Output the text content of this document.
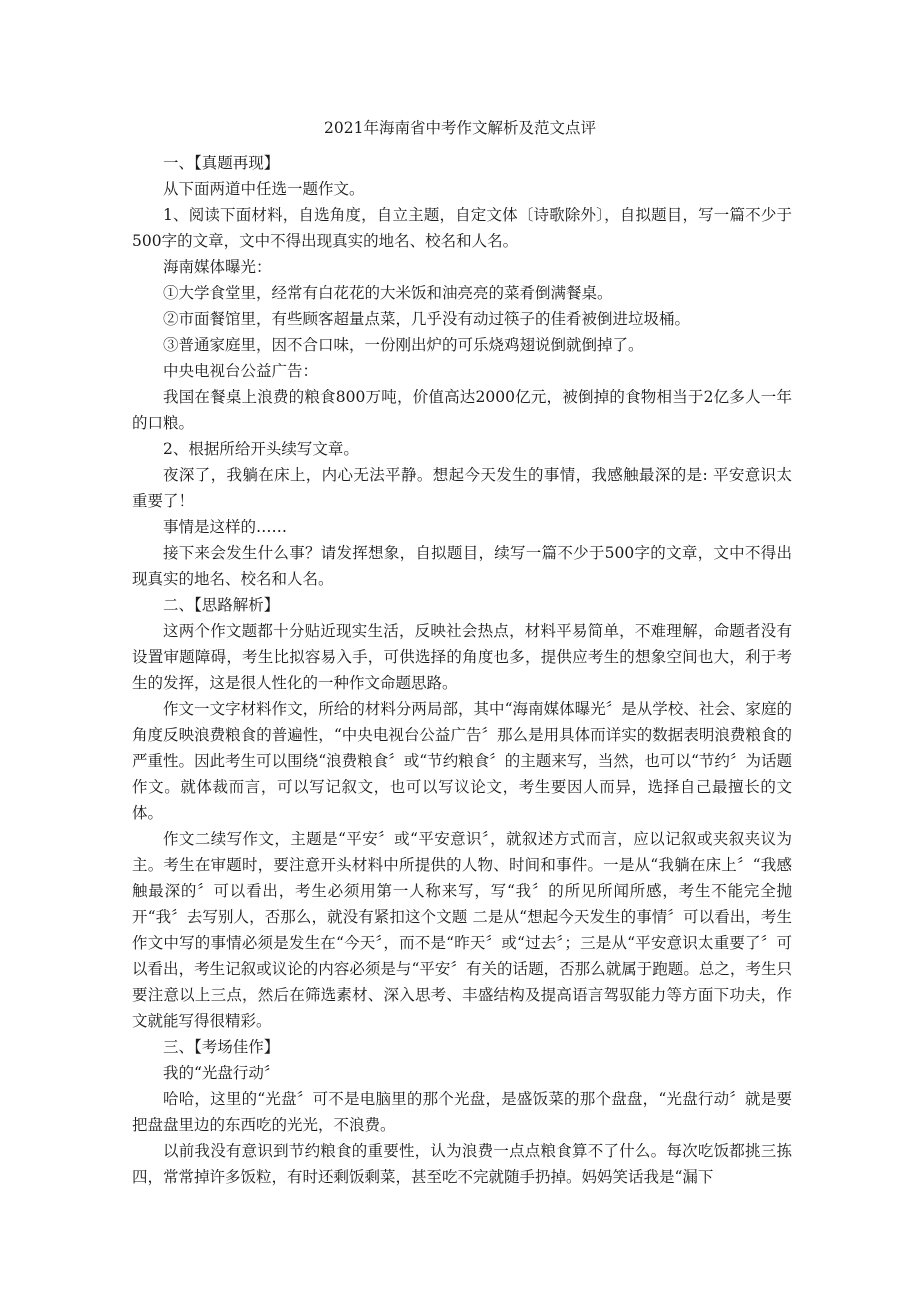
2021年海南省中考作文解析及范文点评

一、【真题再现】

从下面两道中任选一题作文。

1、阅读下面材料，自选角度，自立主题，自定文体〔诗歌除外〕，自拟题目，写一篇不少于500字的文章，文中不得出现真实的地名、校名和人名。

海南媒体曝光：

①大学食堂里，经常有白花花的大米饭和油亮亮的菜肴倒满餐桌。

②市面餐馆里，有些顾客超量点菜，几乎没有动过筷子的佳肴被倒进垃圾桶。

③普通家庭里，因不合口味，一份刚出炉的可乐烧鸡翅说倒就倒掉了。

中央电视台公益广告：

我国在餐桌上浪费的粮食800万吨，价值高达2000亿元，被倒掉的食物相当于2亿多人一年的口粮。

2、根据所给开头续写文章。

夜深了，我躺在床上，内心无法平静。想起今天发生的事情，我感触最深的是: 平安意识太重要了！

事情是这样的……

接下来会发生什么事？请发挥想象，自拟题目，续写一篇不少于500字的文章，文中不得出现真实的地名、校名和人名。

二、【思路解析】

这两个作文题都十分贴近现实生活，反映社会热点，材料平易简单，不难理解，命题者没有设置审题障碍，考生比拟容易入手，可供选择的角度也多，提供应考生的想象空间也大，利于考生的发挥，这是很人性化的一种作文命题思路。

作文一文字材料作文，所给的材料分两局部，其中“海南媒体曝光〞是从学校、社会、家庭的角度反映浪费粮食的普遍性，“中央电视台公益广告〞那么是用具体而详实的数据表明浪费粮食的严重性。因此考生可以围绕“浪费粮食〞或“节约粮食〞的主题来写，当然，也可以“节约〞为话题作文。就体裁而言，可以写记叙文，也可以写议论文，考生要因人而异，选择自己最擅长的文体。

作文二续写作文，主题是“平安〞或“平安意识〞，就叙述方式而言，应以记叙或夹叙夹议为主。考生在审题时，要注意开头材料中所提供的人物、时间和事件。一是从“我躺在床上〞“我感触最深的〞可以看出，考生必须用第一人称来写，写“我〞的所见所闻所感，考生不能完全抛开“我〞去写别人，否那么，就没有紧扣这个文题 二是从“想起今天发生的事情〞可以看出，考生作文中写的事情必须是发生在“今天〞，而不是“昨天〞或“过去〞；三是从“平安意识太重要了〞可以看出，考生记叙或议论的内容必须是与“平安〞有关的话题，否那么就属于跑题。总之，考生只要注意以上三点，然后在筛选素材、深入思考、丰盛结构及提高语言驾驭能力等方面下功夫，作文就能写得很精彩。

三、【考场佳作】

我的“光盘行动〞

哈哈，这里的“光盘〞可不是电脑里的那个光盘，是盛饭菜的那个盘盘，“光盘行动〞就是要把盘盘里边的东西吃的光光，不浪费。

以前我没有意识到节约粮食的重要性，认为浪费一点点粮食算不了什么。每次吃饭都挑三拣四，常常掉许多饭粒，有时还剩饭剩菜，甚至吃不完就随手扔掉。妈妈笑话我是“漏下
